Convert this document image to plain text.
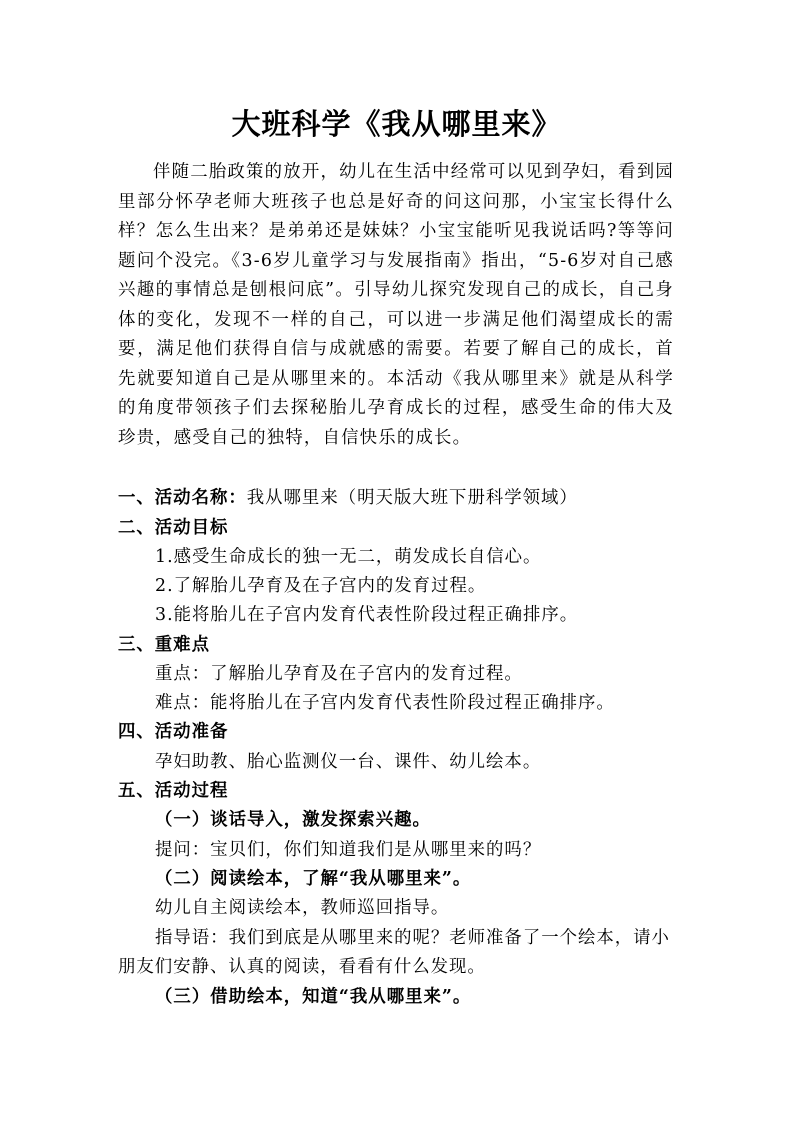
大班科学《我从哪里来》

伴随二胎政策的放开，幼儿在生活中经常可以见到孕妇，看到园里部分怀孕老师大班孩子也总是好奇的问这问那，小宝宝长得什么样？怎么生出来？是弟弟还是妹妹？小宝宝能听见我说话吗?等等问题问个没完。《3-6岁儿童学习与发展指南》指出，“5-6岁对自己感兴趣的事情总是刨根问底”。引导幼儿探究发现自己的成长，自己身体的变化，发现不一样的自己，可以进一步满足他们渴望成长的需要，满足他们获得自信与成就感的需要。若要了解自己的成长，首先就要知道自己是从哪里来的。本活动《我从哪里来》就是从科学的角度带领孩子们去探秘胎儿孕育成长的过程，感受生命的伟大及珍贵，感受自己的独特，自信快乐的成长。

一、活动名称：我从哪里来（明天版大班下册科学领域）
二、活动目标
1.感受生命成长的独一无二，萌发成长自信心。
2.了解胎儿孕育及在子宫内的发育过程。
3.能将胎儿在子宫内发育代表性阶段过程正确排序。
三、重难点
重点：了解胎儿孕育及在子宫内的发育过程。
难点：能将胎儿在子宫内发育代表性阶段过程正确排序。
四、活动准备
孕妇助教、胎心监测仪一台、课件、幼儿绘本。
五、活动过程
（一）谈话导入，激发探索兴趣。
提问：宝贝们，你们知道我们是从哪里来的吗？
（二）阅读绘本，了解“我从哪里来”。
幼儿自主阅读绘本，教师巡回指导。
指导语：我们到底是从哪里来的呢？老师准备了一个绘本，请小
朋友们安静、认真的阅读，看看有什么发现。
（三）借助绘本，知道“我从哪里来”。
